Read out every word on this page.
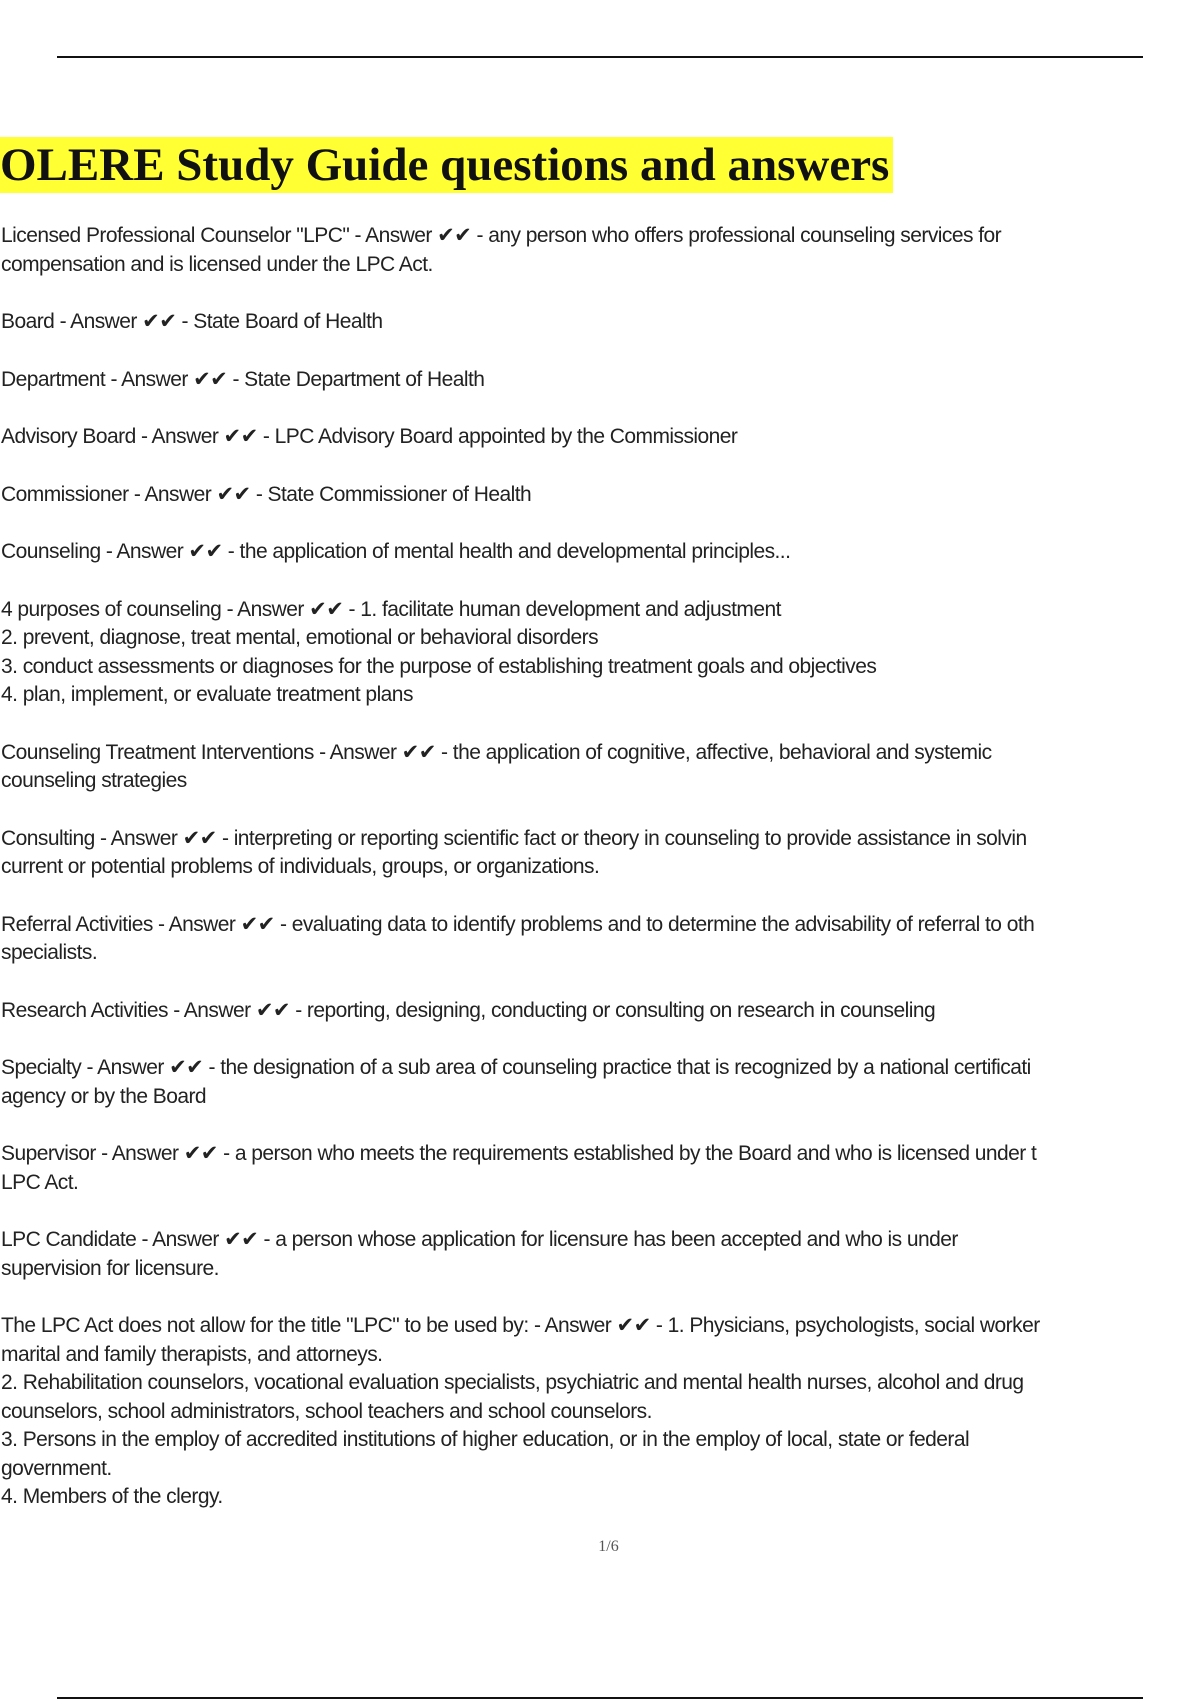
OLERE Study Guide questions and answers
Licensed Professional Counselor "LPC" - Answer ✔✔ - any person who offers professional counseling services for
compensation and is licensed under the LPC Act.
Board - Answer ✔✔ - State Board of Health
Department - Answer ✔✔ - State Department of Health
Advisory Board - Answer ✔✔ - LPC Advisory Board appointed by the Commissioner
Commissioner - Answer ✔✔ - State Commissioner of Health
Counseling - Answer ✔✔ - the application of mental health and developmental principles...
4 purposes of counseling - Answer ✔✔ - 1. facilitate human development and adjustment
2. prevent, diagnose, treat mental, emotional or behavioral disorders
3. conduct assessments or diagnoses for the purpose of establishing treatment goals and objectives
4. plan, implement, or evaluate treatment plans
Counseling Treatment Interventions - Answer ✔✔ - the application of cognitive, affective, behavioral and systemic
counseling strategies
Consulting - Answer ✔✔ - interpreting or reporting scientific fact or theory in counseling to provide assistance in solvin
current or potential problems of individuals, groups, or organizations.
Referral Activities - Answer ✔✔ - evaluating data to identify problems and to determine the advisability of referral to oth
specialists.
Research Activities - Answer ✔✔ - reporting, designing, conducting or consulting on research in counseling
Specialty - Answer ✔✔ - the designation of a sub area of counseling practice that is recognized by a national certificati
agency or by the Board
Supervisor - Answer ✔✔ - a person who meets the requirements established by the Board and who is licensed under t
LPC Act.
LPC Candidate - Answer ✔✔ - a person whose application for licensure has been accepted and who is under
supervision for licensure.
The LPC Act does not allow for the title "LPC" to be used by: - Answer ✔✔ - 1. Physicians, psychologists, social worker
marital and family therapists, and attorneys.
2. Rehabilitation counselors, vocational evaluation specialists, psychiatric and mental health nurses, alcohol and drug
counselors, school administrators, school teachers and school counselors.
3. Persons in the employ of accredited institutions of higher education, or in the employ of local, state or federal
government.
4. Members of the clergy.
1/6
